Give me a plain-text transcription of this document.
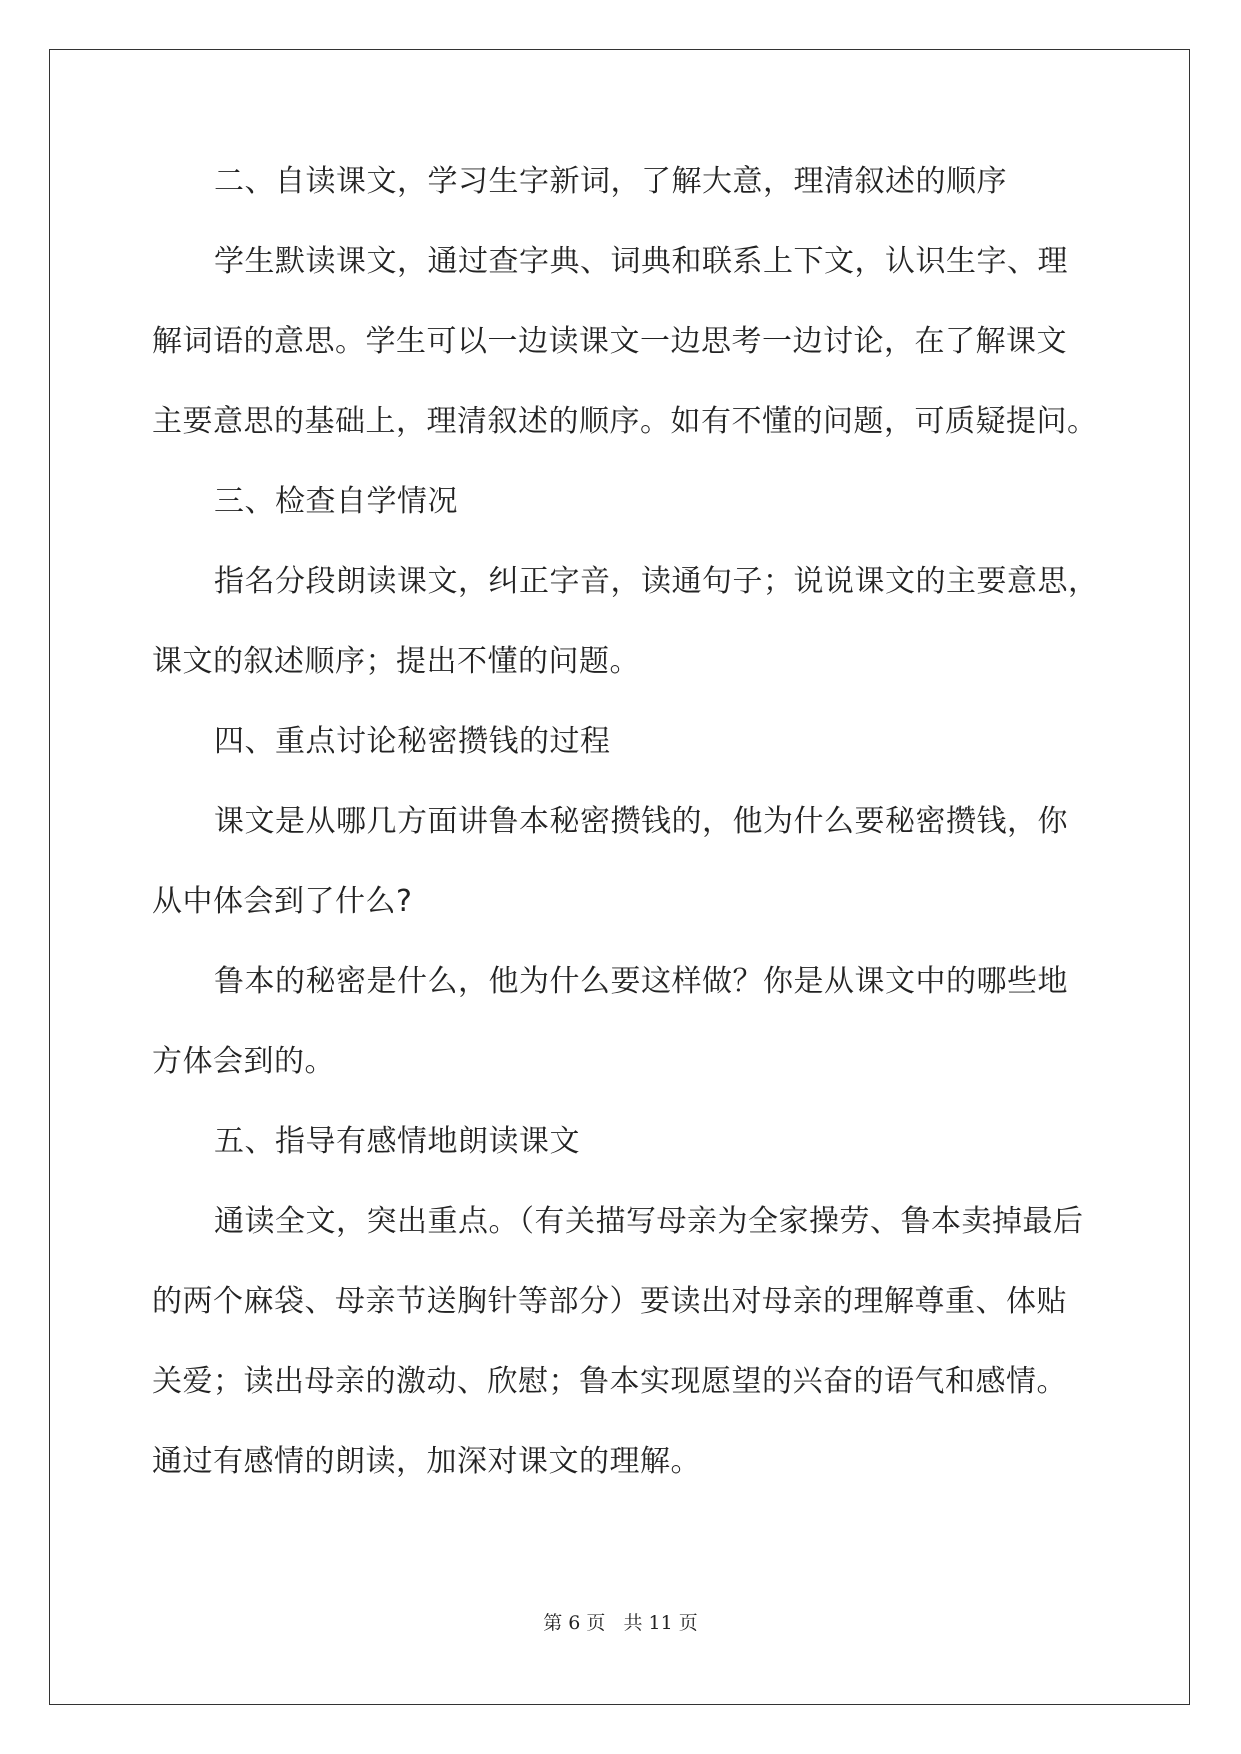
二、自读课文，学习生字新词，了解大意，理清叙述的顺序
学生默读课文，通过查字典、词典和联系上下文，认识生字、理
解词语的意思。学生可以一边读课文一边思考一边讨论，在了解课文
主要意思的基础上，理清叙述的顺序。如有不懂的问题，可质疑提问。
三、检查自学情况
指名分段朗读课文，纠正字音，读通句子；说说课文的主要意思，
课文的叙述顺序；提出不懂的问题。
四、重点讨论秘密攒钱的过程
课文是从哪几方面讲鲁本秘密攒钱的，他为什么要秘密攒钱，你
从中体会到了什么?
鲁本的秘密是什么，他为什么要这样做？你是从课文中的哪些地
方体会到的。
五、指导有感情地朗读课文
通读全文，突出重点。（有关描写母亲为全家操劳、鲁本卖掉最后
的两个麻袋、母亲节送胸针等部分）要读出对母亲的理解尊重、体贴
关爱；读出母亲的激动、欣慰；鲁本实现愿望的兴奋的语气和感情。
通过有感情的朗读，加深对课文的理解。
第 6 页 共 11 页
